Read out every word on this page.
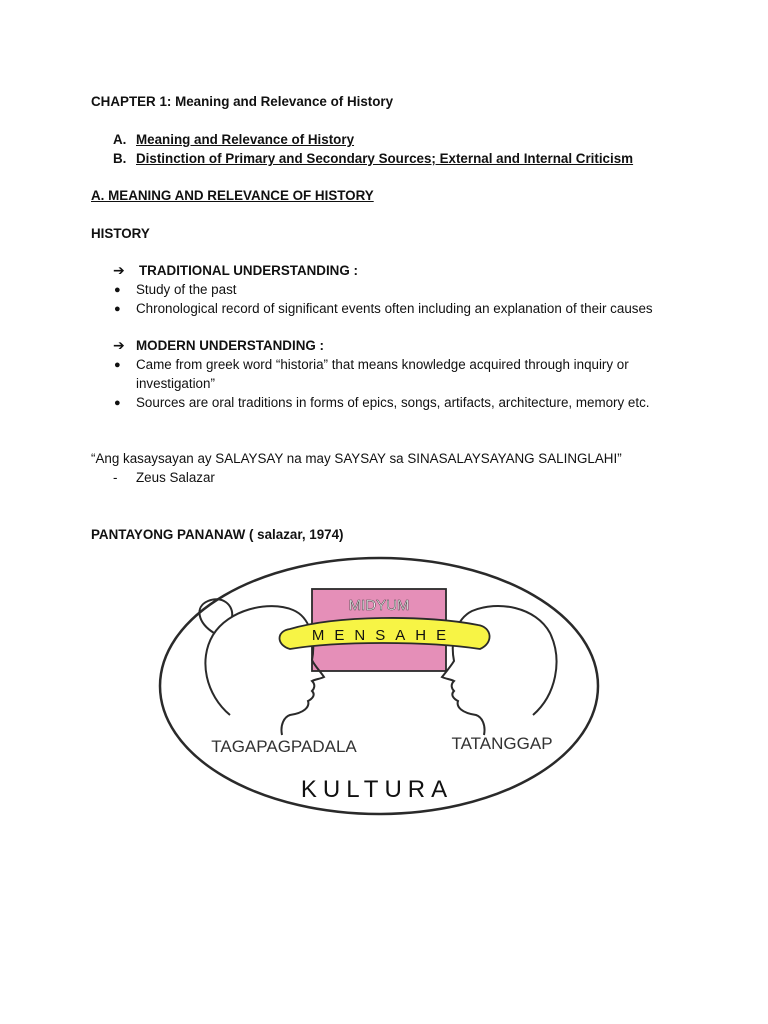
CHAPTER 1: Meaning and Relevance of History
A. Meaning and Relevance of History
B. Distinction of Primary and Secondary Sources; External and Internal Criticism
A. MEANING AND RELEVANCE OF HISTORY
HISTORY
➔ TRADITIONAL UNDERSTANDING :
● Study of the past
● Chronological record of significant events often including an explanation of their causes
➔ MODERN UNDERSTANDING :
● Came from greek word “historia” that means knowledge acquired through inquiry or
investigation”
● Sources are oral traditions in forms of epics, songs, artifacts, architecture, memory etc.
“Ang kasaysayan ay SALAYSAY na may SAYSAY sa SINASALAYSAYANG SALINGLAHI”
- Zeus Salazar
PANTAYONG PANANAW ( salazar, 1974)
MIDYUM
MENSAHE
TAGAPAGPADALA	TATANGGAP
KULTURA
